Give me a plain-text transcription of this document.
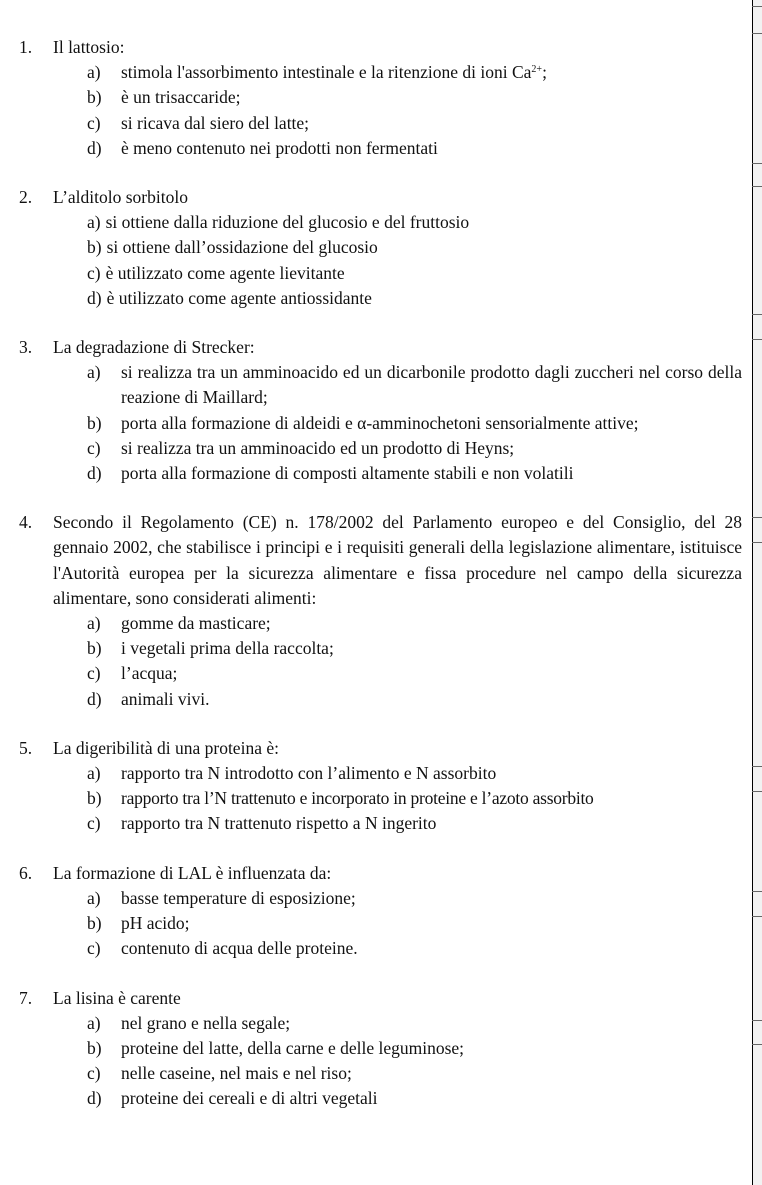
1.	Il lattosio:
a)	stimola l'assorbimento intestinale e la ritenzione di ioni $Ca^{2+}$;
b)	è un trisaccaride;
c)	si ricava dal siero del latte;
d)	è meno contenuto nei prodotti non fermentati
2.	L’alditolo sorbitolo
a) si ottiene dalla riduzione del glucosio e del fruttosio
b) si ottiene dall’ossidazione del glucosio
c) è utilizzato come agente lievitante
d) è utilizzato come agente antiossidante
3.	La degradazione di Strecker:
a)	si realizza tra un amminoacido ed un dicarbonile prodotto dagli zuccheri nel corso della reazione di Maillard;
b)	porta alla formazione di aldeidi e α-amminochetoni sensorialmente attive;
c)	si realizza tra un amminoacido ed un prodotto di Heyns;
d)	porta alla formazione di composti altamente stabili e non volatili
4.	Secondo il Regolamento (CE) n. 178/2002 del Parlamento europeo e del Consiglio, del 28 gennaio 2002, che stabilisce i principi e i requisiti generali della legislazione alimentare, istituisce l'Autorità europea per la sicurezza alimentare e fissa procedure nel campo della sicurezza alimentare, sono considerati alimenti:
a)	gomme da masticare;
b)	i vegetali prima della raccolta;
c)	l’acqua;
d)	animali vivi.
5.	La digeribilità di una proteina è:
a)	rapporto tra N introdotto con l’alimento e N assorbito
b)	rapporto tra l’N trattenuto e incorporato in proteine e l’azoto assorbito
c)	rapporto tra N trattenuto rispetto a N ingerito
6.	La formazione di LAL è influenzata da:
a)	basse temperature di esposizione;
b)	pH acido;
c)	contenuto di acqua delle proteine.
7.	La lisina è carente
a)	nel grano e nella segale;
b)	proteine del latte, della carne e delle leguminose;
c)	nelle caseine, nel mais e nel riso;
d)	proteine dei cereali e di altri vegetali
